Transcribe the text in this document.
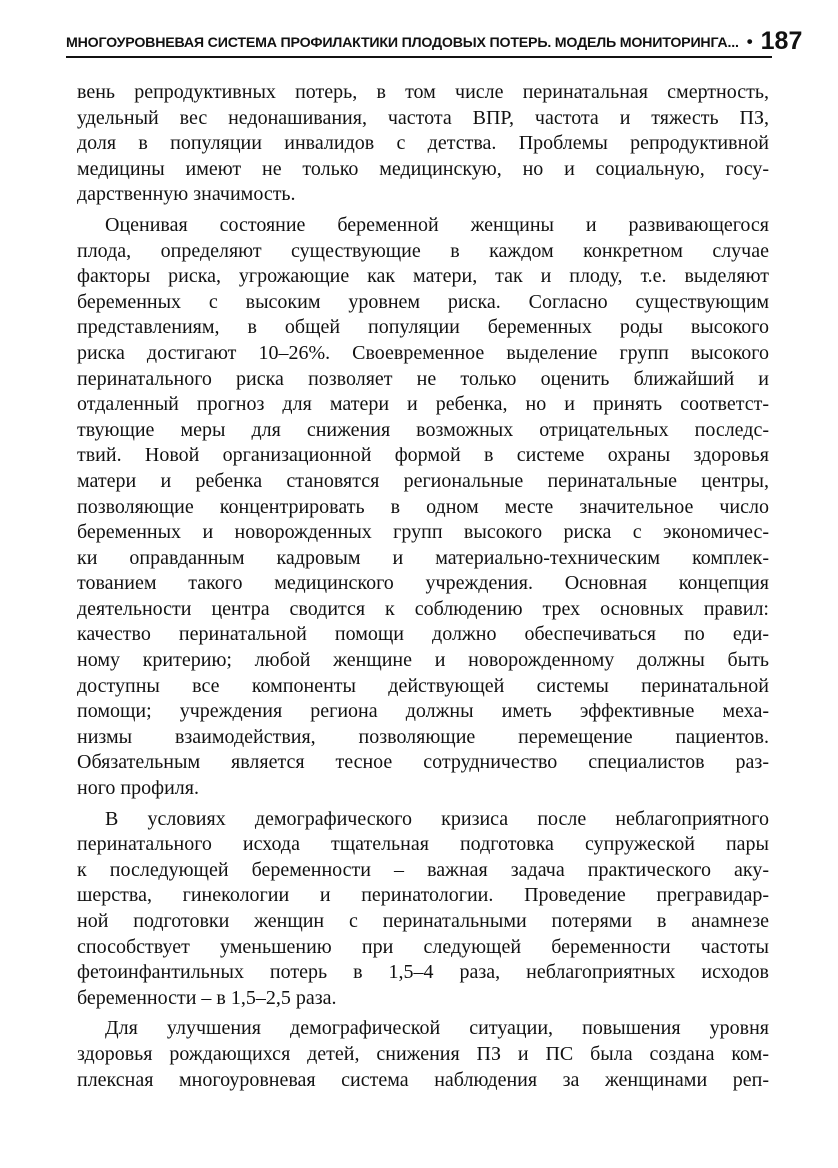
МНОГОУРОВНЕВАЯ СИСТЕМА ПРОФИЛАКТИКИ ПЛОДОВЫХ ПОТЕРЬ. МОДЕЛЬ МОНИТОРИНГА... • 187
вень репродуктивных потерь, в том числе перинатальная смертность,
удельный вес недонашивания, частота ВПР, частота и тяжесть ПЗ,
доля в популяции инвалидов с детства. Проблемы репродуктивной
медицины имеют не только медицинскую, но и социальную, госу-
дарственную значимость.
Оценивая состояние беременной женщины и развивающегося
плода, определяют существующие в каждом конкретном случае
факторы риска, угрожающие как матери, так и плоду, т.е. выделяют
беременных с высоким уровнем риска. Согласно существующим
представлениям, в общей популяции беременных роды высокого
риска достигают 10–26%. Своевременное выделение групп высокого
перинатального риска позволяет не только оценить ближайший и
отдаленный прогноз для матери и ребенка, но и принять соответст-
твующие меры для снижения возможных отрицательных последс-
твий. Новой организационной формой в системе охраны здоровья
матери и ребенка становятся региональные перинатальные центры,
позволяющие концентрировать в одном месте значительное число
беременных и новорожденных групп высокого риска с экономичес-
ки оправданным кадровым и материально-техническим комплек-
тованием такого медицинского учреждения. Основная концепция
деятельности центра сводится к соблюдению трех основных правил:
качество перинатальной помощи должно обеспечиваться по еди-
ному критерию; любой женщине и новорожденному должны быть
доступны все компоненты действующей системы перинатальной
помощи; учреждения региона должны иметь эффективные меха-
низмы взаимодействия, позволяющие перемещение пациентов.
Обязательным является тесное сотрудничество специалистов раз-
ного профиля.
В условиях демографического кризиса после неблагоприятного
перинатального исхода тщательная подготовка супружеской пары
к последующей беременности – важная задача практического аку-
шерства, гинекологии и перинатологии. Проведение прегравидар-
ной подготовки женщин с перинатальными потерями в анамнезе
способствует уменьшению при следующей беременности частоты
фетоинфантильных потерь в 1,5–4 раза, неблагоприятных исходов
беременности – в 1,5–2,5 раза.
Для улучшения демографической ситуации, повышения уровня
здоровья рождающихся детей, снижения ПЗ и ПС была создана ком-
плексная многоуровневая система наблюдения за женщинами реп-
